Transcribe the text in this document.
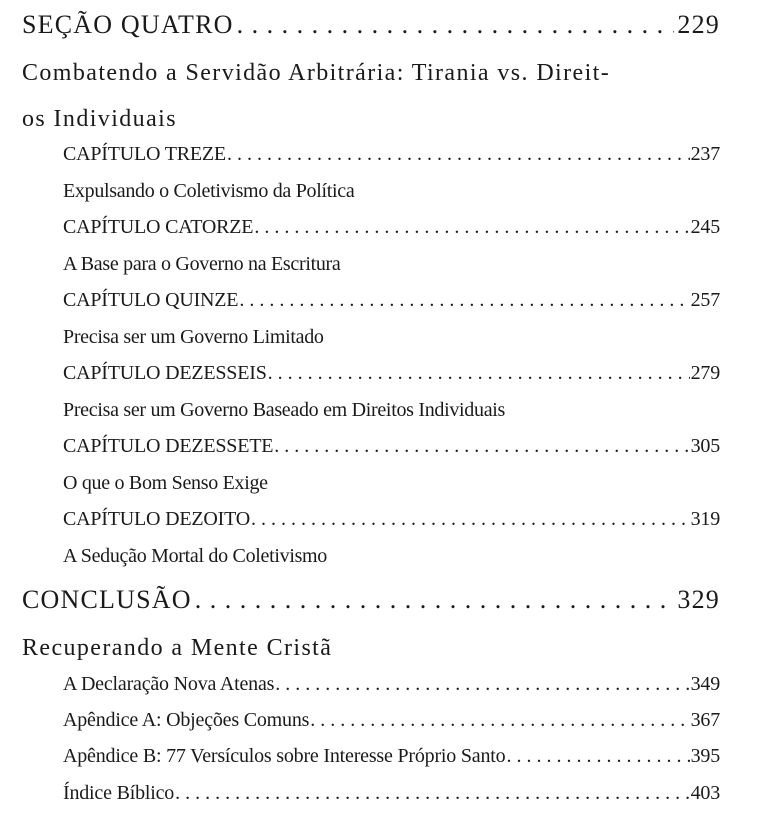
SEÇÃO QUATRO . . .	229
Combatendo a Servidão Arbitrária: Tirania vs. Direit-
os Individuais
CAPÍTULO TREZE . . .	237
Expulsando o Coletivismo da Política
CAPÍTULO CATORZE . . .	245
A Base para o Governo na Escritura
CAPÍTULO QUINZE . . .	257
Precisa ser um Governo Limitado
CAPÍTULO DEZESSEIS . . .	279
Precisa ser um Governo Baseado em Direitos Individuais
CAPÍTULO DEZESSETE . . .	305
O que o Bom Senso Exige
CAPÍTULO DEZOITO . . .	319
A Sedução Mortal do Coletivismo
CONCLUSÃO . . .	329
Recuperando a Mente Cristã
A Declaração Nova Atenas . . .	349
Apêndice A: Objeções Comuns . . .	367
Apêndice B: 77 Versículos sobre Interesse Próprio Santo . . .	395
Índice Bíblico . . .	403
